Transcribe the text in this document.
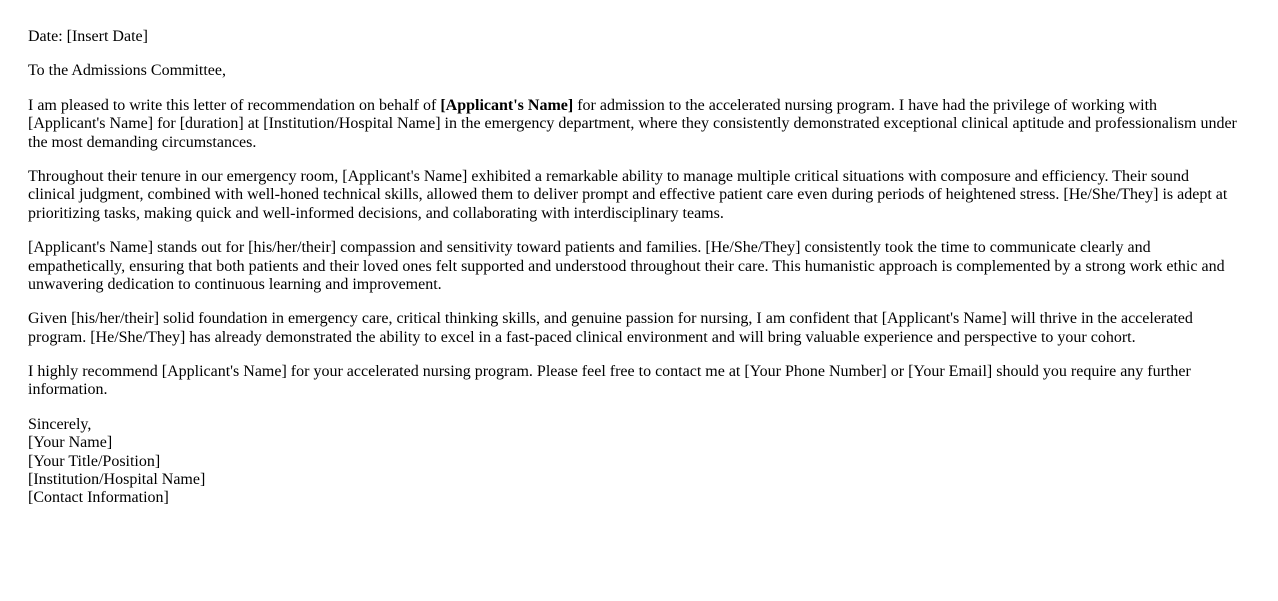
Date: [Insert Date]

To the Admissions Committee,

I am pleased to write this letter of recommendation on behalf of [Applicant's Name] for admission to the accelerated nursing program. I have had the privilege of working with [Applicant's Name] for [duration] at [Institution/Hospital Name] in the emergency department, where they consistently demonstrated exceptional clinical aptitude and professionalism under the most demanding circumstances.

Throughout their tenure in our emergency room, [Applicant's Name] exhibited a remarkable ability to manage multiple critical situations with composure and efficiency. Their sound clinical judgment, combined with well-honed technical skills, allowed them to deliver prompt and effective patient care even during periods of heightened stress. [He/She/They] is adept at prioritizing tasks, making quick and well-informed decisions, and collaborating with interdisciplinary teams.

[Applicant's Name] stands out for [his/her/their] compassion and sensitivity toward patients and families. [He/She/They] consistently took the time to communicate clearly and empathetically, ensuring that both patients and their loved ones felt supported and understood throughout their care. This humanistic approach is complemented by a strong work ethic and unwavering dedication to continuous learning and improvement.

Given [his/her/their] solid foundation in emergency care, critical thinking skills, and genuine passion for nursing, I am confident that [Applicant's Name] will thrive in the accelerated program. [He/She/They] has already demonstrated the ability to excel in a fast-paced clinical environment and will bring valuable experience and perspective to your cohort.

I highly recommend [Applicant's Name] for your accelerated nursing program. Please feel free to contact me at [Your Phone Number] or [Your Email] should you require any further information.

Sincerely,
[Your Name]
[Your Title/Position]
[Institution/Hospital Name]
[Contact Information]
